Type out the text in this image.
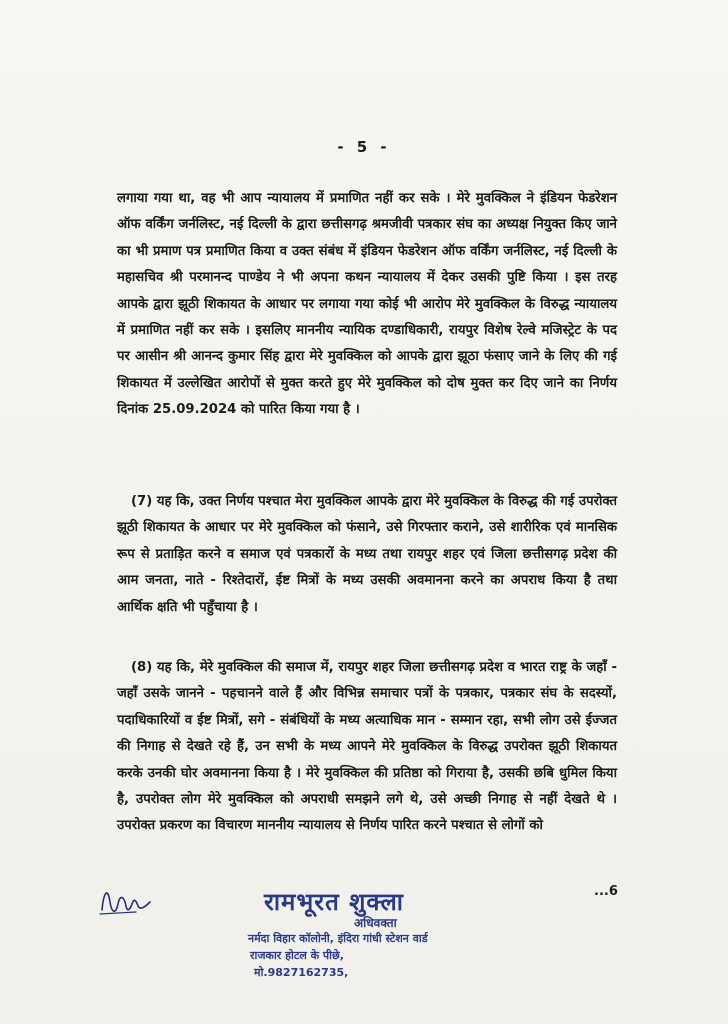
- 5 -

लगाया गया था, वह भी आप न्यायालय में प्रमाणित नहीं कर सके । मेरे मुवक्किल ने इंडियन फेडरेशन ऑफ वर्किंग जर्नलिस्ट, नई दिल्ली के द्वारा छत्तीसगढ़ श्रमजीवी पत्रकार संघ का अध्यक्ष नियुक्त किए जाने का भी प्रमाण पत्र प्रमाणित किया व उक्त संबंध में इंडियन फेडरेशन ऑफ वर्किंग जर्नलिस्ट, नई दिल्ली के महासचिव श्री परमानन्द पाण्डेय ने भी अपना कथन न्यायालय में देकर उसकी पुष्टि किया । इस तरह आपके द्वारा झूठी शिकायत के आधार पर लगाया गया कोई भी आरोप मेरे मुवक्किल के विरुद्ध न्यायालय में प्रमाणित नहीं कर सके । इसलिए माननीय न्यायिक दण्डाधिकारी, रायपुर विशेष रेल्वे मजिस्ट्रेट के पद पर आसीन श्री आनन्द कुमार सिंह द्वारा मेरे मुवक्किल को आपके द्वारा झूठा फंसाए जाने के लिए की गई शिकायत में उल्लेखित आरोपों से मुक्त करते हुए मेरे मुवक्किल को दोष मुक्त कर दिए जाने का निर्णय दिनांक 25.09.2024 को पारित किया गया है ।

(7) यह कि, उक्त निर्णय पश्चात मेरा मुवक्किल आपके द्वारा मेरे मुवक्किल के विरुद्ध की गई उपरोक्त झूठी शिकायत के आधार पर मेरे मुवक्किल को फंसाने, उसे गिरफ्तार कराने, उसे शारीरिक एवं मानसिक रूप से प्रताड़ित करने व समाज एवं पत्रकारों के मध्य तथा रायपुर शहर एवं जिला छत्तीसगढ़ प्रदेश की आम जनता, नाते - रिश्तेदारों, ईष्ट मित्रों के मध्य उसकी अवमानना करने का अपराध किया है तथा आर्थिक क्षति भी पहुँचाया है ।

(8) यह कि, मेरे मुवक्किल की समाज में, रायपुर शहर जिला छत्तीसगढ़ प्रदेश व भारत राष्ट्र के जहाँ - जहाँ उसके जानने - पहचानने वाले हैं और विभिन्न समाचार पत्रों के पत्रकार, पत्रकार संघ के सदस्यों, पदाधिकारियों व ईष्ट मित्रों, सगे - संबंधियों के मध्य अत्याधिक मान - सम्मान रहा, सभी लोग उसे ईज्जत की निगाह से देखते रहे हैं, उन सभी के मध्य आपने मेरे मुवक्किल के विरुद्ध उपरोक्त झूठी शिकायत करके उनकी घोर अवमानना किया है । मेरे मुवक्किल की प्रतिष्ठा को गिराया है, उसकी छबि धुमिल किया है, उपरोक्त लोग मेरे मुवक्किल को अपराधी समझने लगे थे, उसे अच्छी निगाह से नहीं देखते थे । उपरोक्त प्रकरण का विचारण माननीय न्यायालय से निर्णय पारित करने पश्चात से लोगों को

...6
रामभूरत शुक्ला
अधिवक्ता
नर्मदा विहार कॉलोनी, इंदिरा गांधी स्टेशन वार्ड
राजकार होटल के पीछे,
मो.9827162735,
